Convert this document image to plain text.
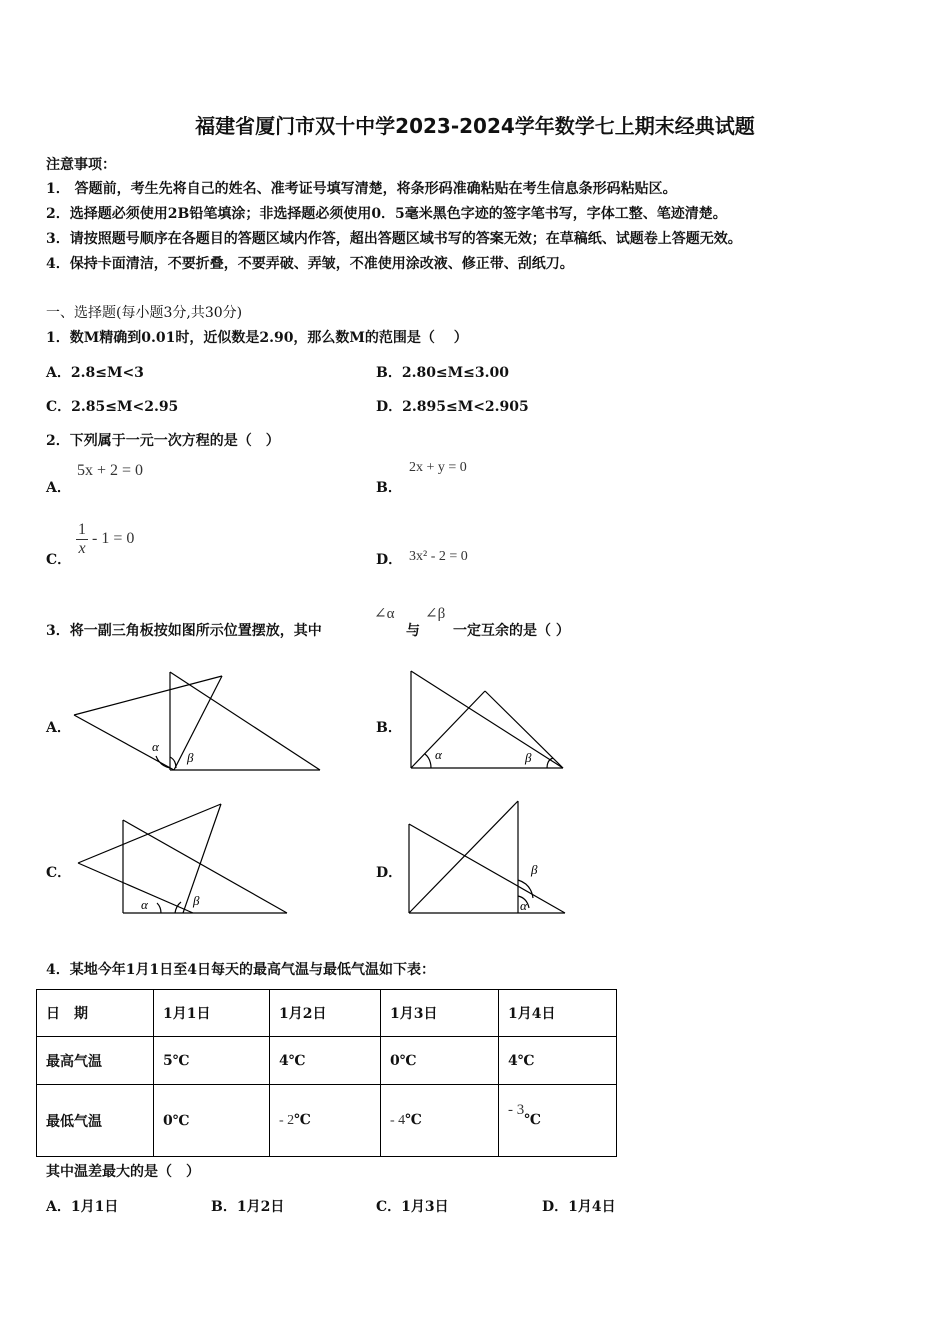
福建省厦门市双十中学2023-2024学年数学七上期末经典试题
注意事项：
1． 答题前，考生先将自己的姓名、准考证号填写清楚，将条形码准确粘贴在考生信息条形码粘贴区。
2．选择题必须使用2B铅笔填涂；非选择题必须使用0．5毫米黑色字迹的签字笔书写，字体工整、笔迹清楚。
3．请按照题号顺序在各题目的答题区域内作答，超出答题区域书写的答案无效；在草稿纸、试题卷上答题无效。
4．保持卡面清洁，不要折叠，不要弄破、弄皱，不准使用涂改液、修正带、刮纸刀。
一、选择题(每小题3分,共30分)
1．数M精确到0.01时，近似数是2.90，那么数M的范围是（　 ）
A．2.8≤M<3	B．2.80≤M≤3.00
C．2.85≤M<2.95	D．2.895≤M<2.905
2．下列属于一元一次方程的是（　）
A．
5x + 2 = 0
B．
2x + y = 0
C．
$\frac{1}{x} - 1 = 0$
D． 3x² - 2 = 0
3．将一副三角板按如图所示位置摆放，其中
∠α
与
∠β
一定互余的是（ ）
A．
α
β
B．
α	β
C．
α	β
D．	β
α
4．某地今年1月1日至4日每天的最高气温与最低气温如下表：
日　期	1月1日	1月2日	1月3日	1月4日
最高气温	5℃	4℃	0℃	4℃
最低气温	0℃	- 2℃	- 4℃	- 3℃
其中温差最大的是（　）
A．1月1日	B．1月2日	C．1月3日	D．1月4日
